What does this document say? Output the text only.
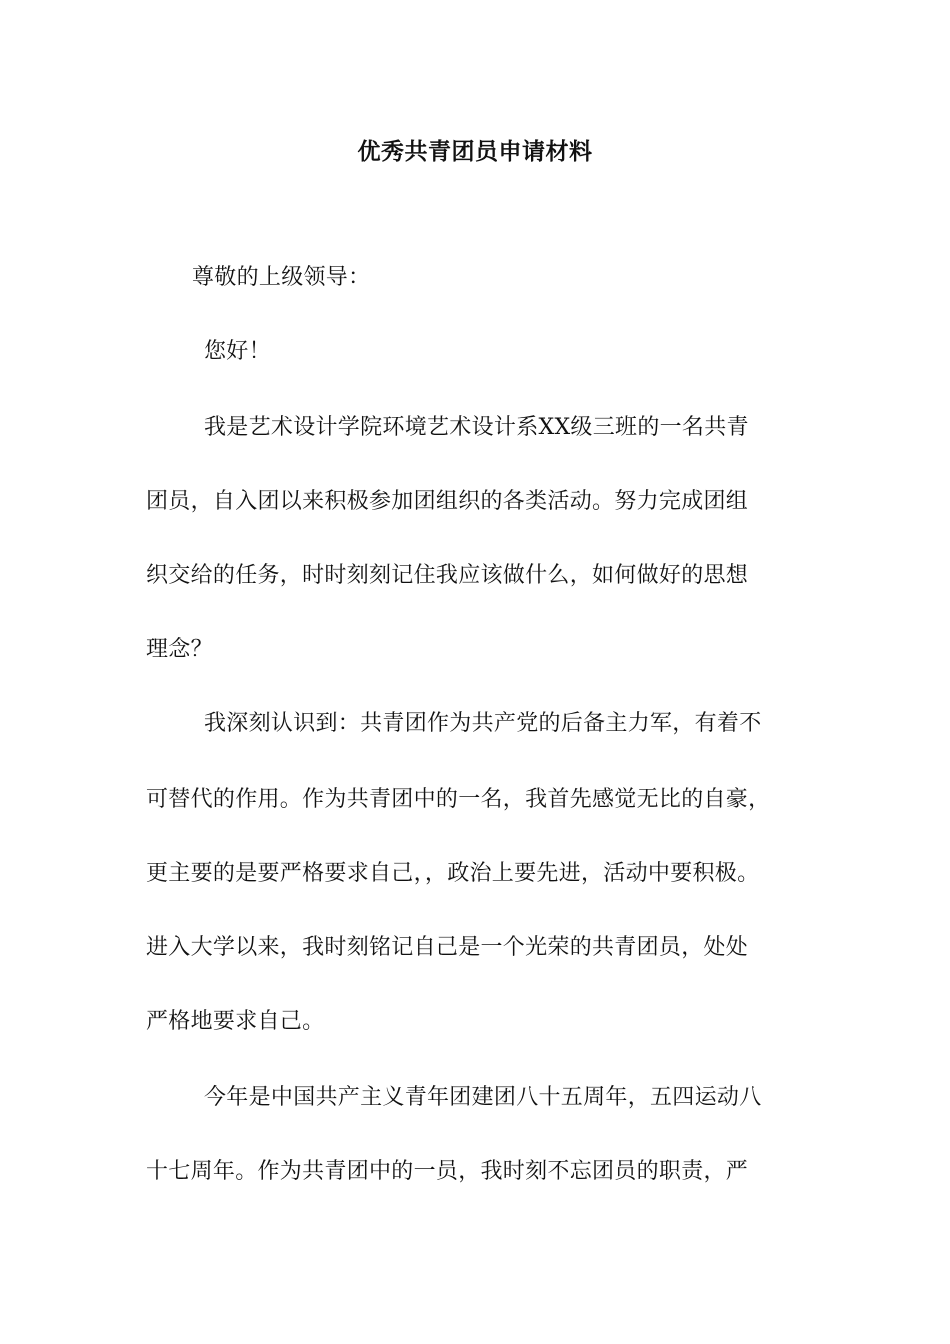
优秀共青团员申请材料
尊敬的上级领导：
您好！
我是艺术设计学院环境艺术设计系XX级三班的一名共青
团员，自入团以来积极参加团组织的各类活动。努力完成团组
织交给的任务，时时刻刻记住我应该做什么，如何做好的思想
理念？
我深刻认识到：共青团作为共产党的后备主力军，有着不
可替代的作用。作为共青团中的一名，我首先感觉无比的自豪，
更主要的是要严格要求自己，，政治上要先进，活动中要积极。
进入大学以来，我时刻铭记自己是一个光荣的共青团员，处处
严格地要求自己。
今年是中国共产主义青年团建团八十五周年，五四运动八
十七周年。作为共青团中的一员，我时刻不忘团员的职责，严
